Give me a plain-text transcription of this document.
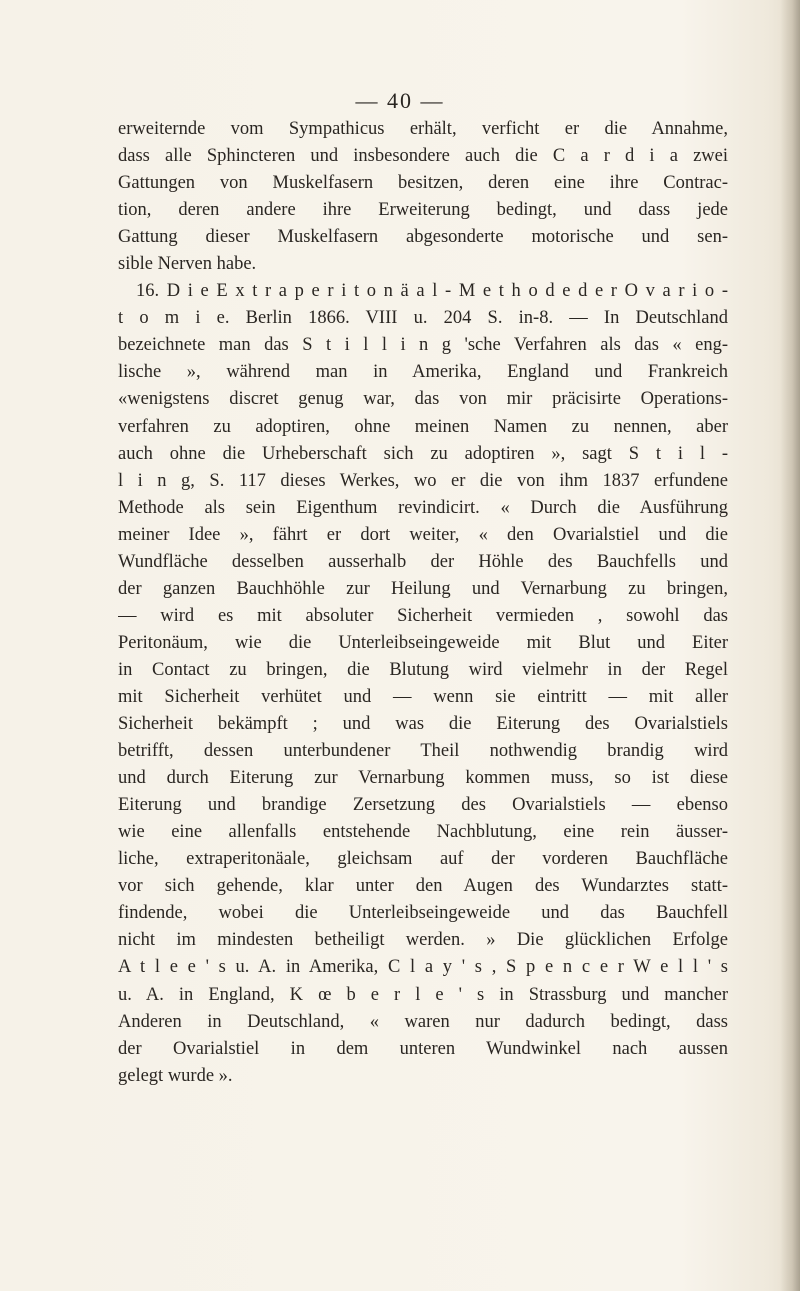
— 40 —
erweiternde vom Sympathicus erhält, verficht er die Annahme,
dass alle Sphincteren und insbesondere auch die C a r d i a zwei
Gattungen von Muskelfasern besitzen, deren eine ihre Contrac-
tion, deren andere ihre Erweiterung bedingt, und dass jede
Gattung dieser Muskelfasern abgesonderte motorische und sen-
sible Nerven habe.
16. D i e E x t r a p e r i t o n ä a l - M e t h o d e d e r O v a r i o -
t o m i e. Berlin 1866. VIII u. 204 S. in-8. — In Deutschland
bezeichnete man das S t i l l i n g 'sche Verfahren als das « eng-
lische », während man in Amerika, England und Frankreich
«wenigstens discret genug war, das von mir präcisirte Operations-
verfahren zu adoptiren, ohne meinen Namen zu nennen, aber
auch ohne die Urheberschaft sich zu adoptiren », sagt S t i l -
l i n g, S. 117 dieses Werkes, wo er die von ihm 1837 erfundene
Methode als sein Eigenthum revindicirt. « Durch die Ausführung
meiner Idee », fährt er dort weiter, « den Ovarialstiel und die
Wundfläche desselben ausserhalb der Höhle des Bauchfells und
der ganzen Bauchhöhle zur Heilung und Vernarbung zu bringen,
— wird es mit absoluter Sicherheit vermieden , sowohl das
Peritonäum, wie die Unterleibseingeweide mit Blut und Eiter
in Contact zu bringen, die Blutung wird vielmehr in der Regel
mit Sicherheit verhütet und — wenn sie eintritt — mit aller
Sicherheit bekämpft ; und was die Eiterung des Ovarialstiels
betrifft, dessen unterbundener Theil nothwendig brandig wird
und durch Eiterung zur Vernarbung kommen muss, so ist diese
Eiterung und brandige Zersetzung des Ovarialstiels — ebenso
wie eine allenfalls entstehende Nachblutung, eine rein äusser-
liche, extraperitonäale, gleichsam auf der vorderen Bauchfläche
vor sich gehende, klar unter den Augen des Wundarztes statt-
findende, wobei die Unterleibseingeweide und das Bauchfell
nicht im mindesten betheiligt werden. » Die glücklichen Erfolge
A t l e e ' s u. A. in Amerika, C l a y ' s , S p e n c e r W e l l ' s
u. A. in England, K œ b e r l e ' s in Strassburg und mancher
Anderen in Deutschland, « waren nur dadurch bedingt, dass
der Ovarialstiel in dem unteren Wundwinkel nach aussen
gelegt wurde ».
